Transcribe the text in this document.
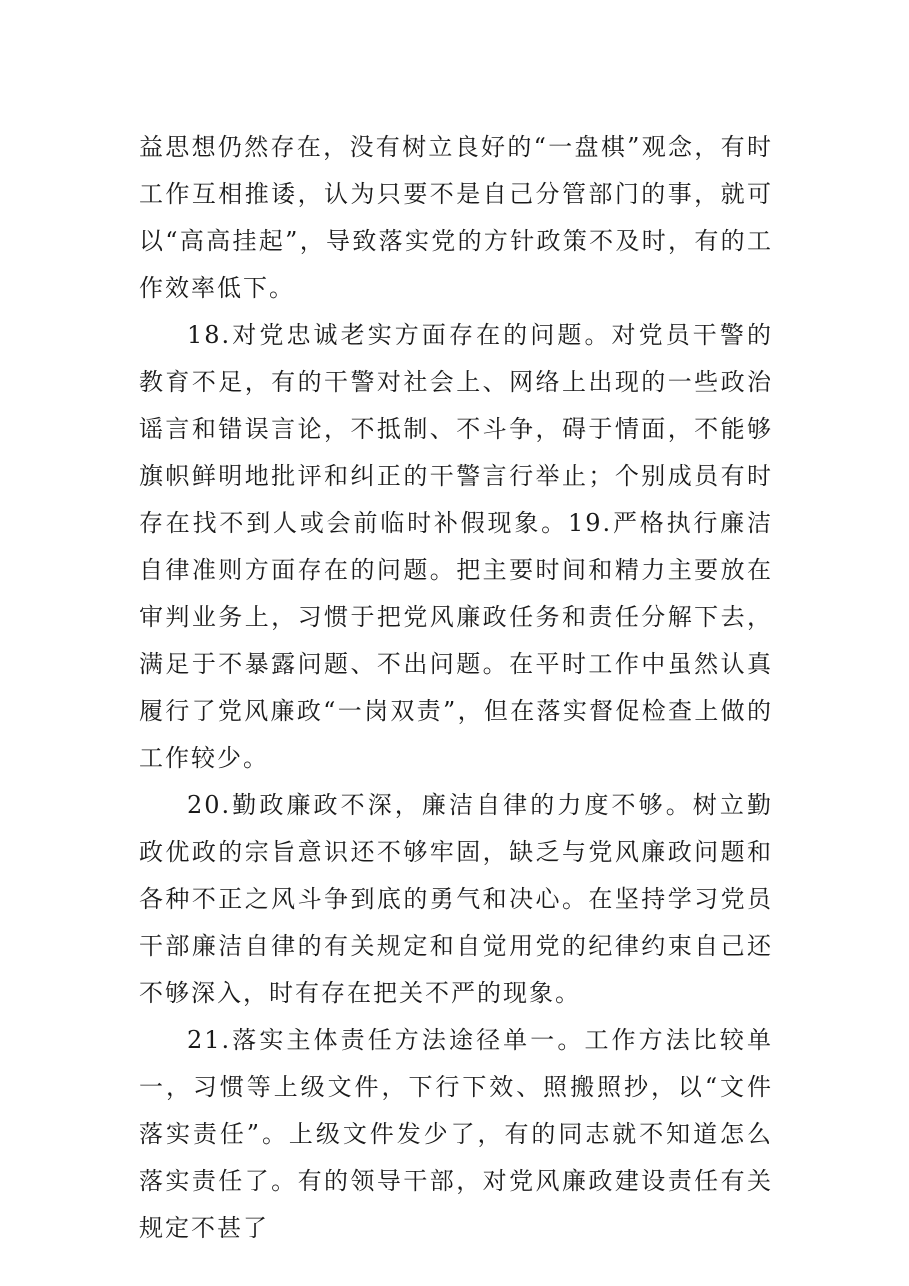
益思想仍然存在，没有树立良好的“一盘棋”观念，有时工作互相推诿，认为只要不是自己分管部门的事，就可以“高高挂起”，导致落实党的方针政策不及时，有的工作效率低下。

18.对党忠诚老实方面存在的问题。对党员干警的教育不足，有的干警对社会上、网络上出现的一些政治谣言和错误言论，不抵制、不斗争，碍于情面，不能够旗帜鲜明地批评和纠正的干警言行举止；个别成员有时存在找不到人或会前临时补假现象。19.严格执行廉洁自律准则方面存在的问题。把主要时间和精力主要放在审判业务上，习惯于把党风廉政任务和责任分解下去，满足于不暴露问题、不出问题。在平时工作中虽然认真履行了党风廉政“一岗双责”，但在落实督促检查上做的工作较少。

20.勤政廉政不深，廉洁自律的力度不够。树立勤政优政的宗旨意识还不够牢固，缺乏与党风廉政问题和各种不正之风斗争到底的勇气和决心。在坚持学习党员干部廉洁自律的有关规定和自觉用党的纪律约束自己还不够深入，时有存在把关不严的现象。

21.落实主体责任方法途径单一。工作方法比较单一，习惯等上级文件，下行下效、照搬照抄，以“文件落实责任”。上级文件发少了，有的同志就不知道怎么落实责任了。有的领导干部，对党风廉政建设责任有关规定不甚了
